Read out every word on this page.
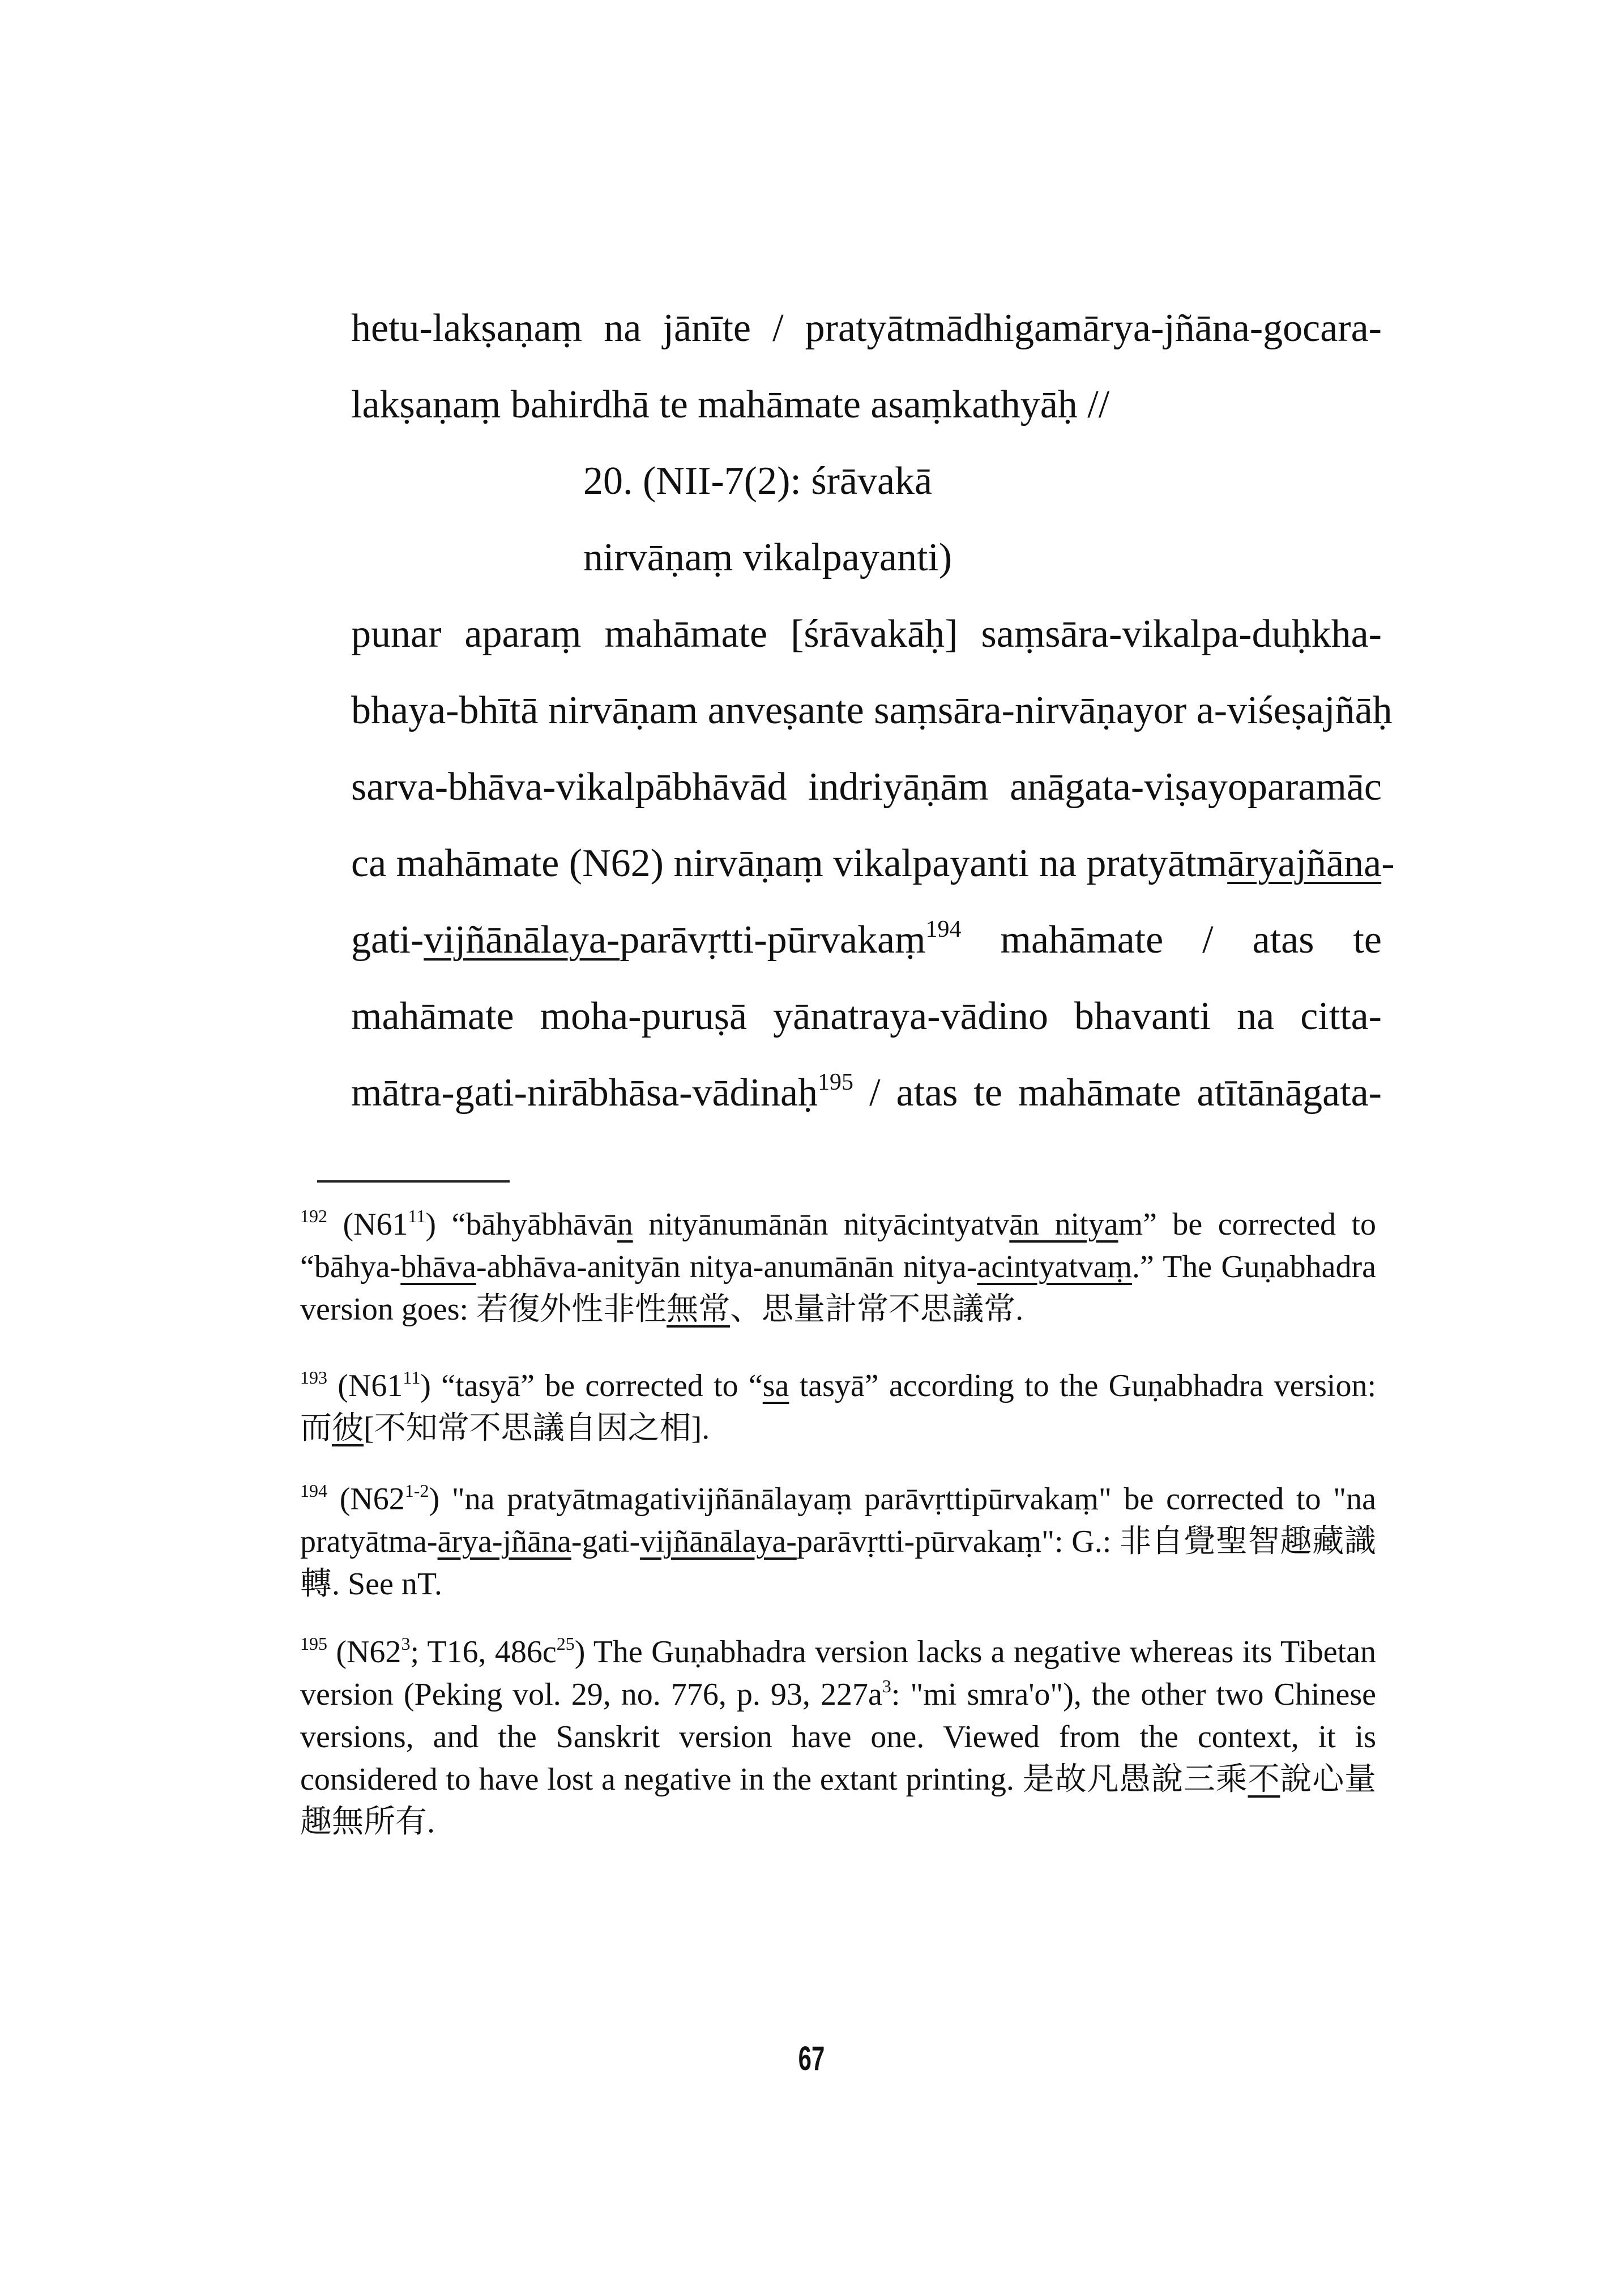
hetu-lakṣaṇaṃ na jānīte / pratyātmādhigamārya-jñāna-gocara-
lakṣaṇaṃ bahirdhā te mahāmate asaṃkathyāḥ //
20. (NII-7(2): śrāvakā
nirvāṇaṃ vikalpayanti)
punar aparaṃ mahāmate [śrāvakāḥ] saṃsāra-vikalpa-duḥkha-
bhaya-bhītā nirvāṇam anveṣante saṃsāra-nirvāṇayor a-viśeṣajñāḥ
sarva-bhāva-vikalpābhāvād indriyāṇām anāgata-viṣayoparamāc
ca mahāmate (N62) nirvāṇaṃ vikalpayanti na pratyātmāryajñāna-
gati-vijñānālaya-parāvṛtti-pūrvakaṃ$^{194}$ mahāmate / atas te
mahāmate moha-puruṣā yānatraya-vādino bhavanti na citta-
mātra-gati-nirābhāsa-vādinaḥ$^{195}$ / atas te mahāmate atītānāgata-

$^{192}$ $(N61^{11})$ “bāhyābhāvān nityānumānān nityācintyatvān nityam” be corrected to “bāhya-bhāva-abhāva-anityān nitya-anumānān nitya-acintyatvaṃ.” The Guṇabhadra version goes: 若復外性非性無常、思量計常不思議常.

$^{193}$ $(N61^{11})$ “tasyā” be corrected to “sa tasyā” according to the Guṇabhadra version: 而彼[不知常不思議自因之相].

$^{194}$ (N62$^{1-2}$) "na pratyātmagativijñānālayaṃ parāvṛttipūrvakaṃ" be corrected to "na pratyātma-ārya-jñāna-gati-vijñānālaya-parāvṛtti-pūrvakaṃ": G.: 非自覺聖智趣藏識轉. See nT.

$^{195}$ ($N62^3$; T16, $486c^{25}$) The Guṇabhadra version lacks a negative whereas its Tibetan version (Peking vol. 29, no. 776, p. 93, $227a^3$: "mi smra'o"), the other two Chinese versions, and the Sanskrit version have one. Viewed from the context, it is considered to have lost a negative in the extant printing. 是故凡愚說三乘不說心量趣無所有.

67
